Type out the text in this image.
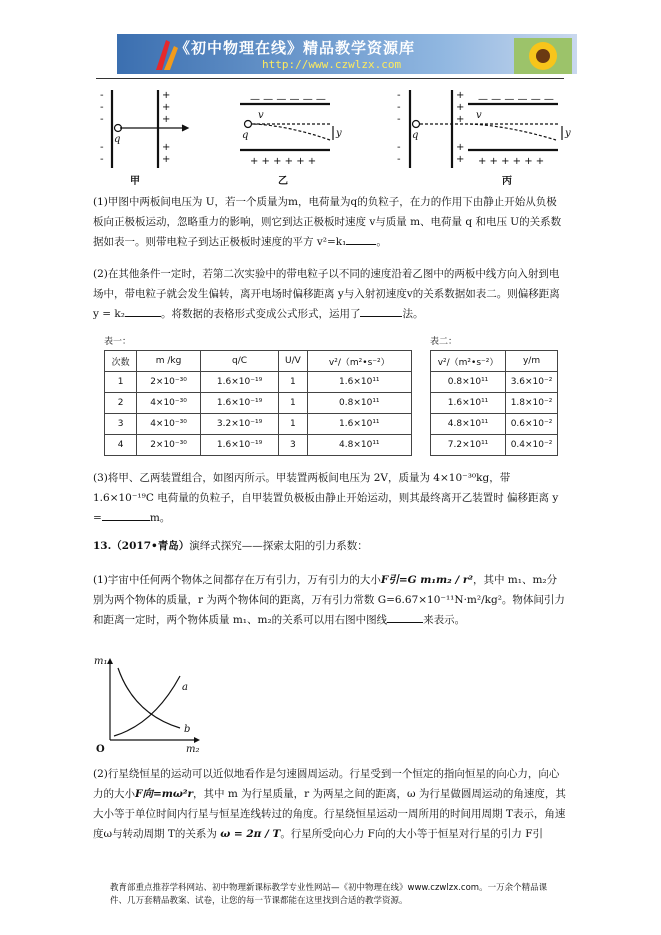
《初中物理在线》精品教学资源库
http://www.czwlzx.com
-
-
-
-
-
+
+
+
+
+
— — — — — —
+ + + + + +
-
-
-
-
-
+
+
+
+
+
— — — — — —
+ + + + + +
q	q
v
y	q
v
y
甲	乙	丙

(1)甲图中两板间电压为 U，若一个质量为m，电荷量为q的负粒子，在力的作用下由静止开始从负极板向正极板运动，忽略重力的影响，则它到达正极板时速度 v与质量 m、电荷量 q 和电压 U的关系数据如表一。则带电粒子到达正极板时速度的平方 v²=k₁	。

(2)在其他条件一定时，若第二次实验中的带电粒子以不同的速度沿着乙图中的两板中线方向入射到电场中，带电粒子就会发生偏转，离开电场时偏移距离 y与入射初速度v的关系数据如表二。则偏移距离 y = k₂	。将数据的表格形式变成公式形式，运用了	法。

表一：
次数	m /kg	q/C	U/V	v²/（m²•s⁻²）
1	2×10⁻³⁰	1.6×10⁻¹⁹	1	1.6×10¹¹
2	4×10⁻³⁰	1.6×10⁻¹⁹	1	0.8×10¹¹
3	4×10⁻³⁰	3.2×10⁻¹⁹	1	1.6×10¹¹
4	2×10⁻³⁰	1.6×10⁻¹⁹	3	4.8×10¹¹
表二：
v²/（m²•s⁻²）	y/m
0.8×10¹¹	3.6×10⁻²
1.6×10¹¹	1.8×10⁻²
4.8×10¹¹	0.6×10⁻²
7.2×10¹¹	0.4×10⁻²

(3)将甲、乙两装置组合，如图丙所示。甲装置两板间电压为 2V，质量为 4×10⁻³⁰kg，带 1.6×10⁻¹⁹C 电荷量的负粒子，自甲装置负极板由静止开始运动，则其最终离开乙装置时 偏移距离 y =	m。

13.（2017•青岛）演绎式探究——探索太阳的引力系数：

(1)宇宙中任何两个物体之间都存在万有引力，万有引力的大小F引=G m₁m₂ / r²，其中 m₁、m₂分别为两个物体的质量，r 为两个物体间的距离，万有引力常数 G=6.67×10⁻¹¹N·m²/kg²。物体间引力和距离一定时，两个物体质量 m₁、m₂的关系可以用右图中图线	来表示。

m₁
m₂
O
a
b

(2)行星绕恒星的运动可以近似地看作是匀速圆周运动。行星受到一个恒定的指向恒星的向心力，向心力的大小F向=mω²r，其中 m 为行星质量，r 为两星之间的距离，ω 为行星做圆周运动的角速度，其大小等于单位时间内行星与恒星连线转过的角度。行星绕恒星运动一周所用的时间用周期 T表示，角速度ω与转动周期 T的关系为 ω = 2π / T。行星所受向心力 F向的大小等于恒星对行星的引力 F引

教育部重点推荐学科网站、初中物理新课标教学专业性网站—《初中物理在线》www.czwlzx.com。一万余个精品课件、几万套精品教案、试卷，让您的每一节课都能在这里找到合适的教学资源。
